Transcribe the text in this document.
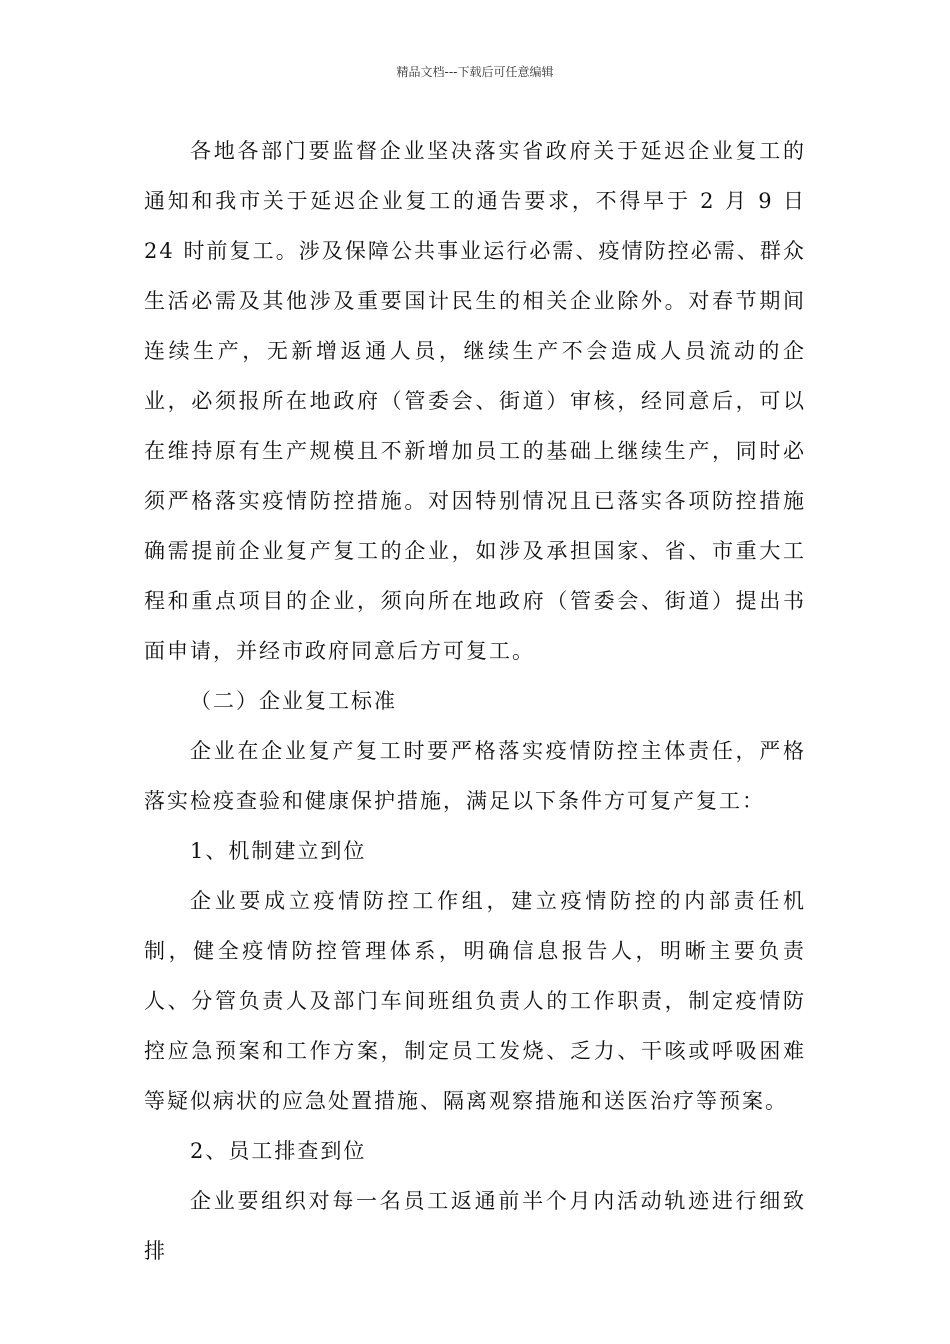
精品文档---下载后可任意编辑

各地各部门要监督企业坚决落实省政府关于延迟企业复工的通知和我市关于延迟企业复工的通告要求，不得早于 2 月 9 日 24 时前复工。涉及保障公共事业运行必需、疫情防控必需、群众生活必需及其他涉及重要国计民生的相关企业除外。对春节期间连续生产，无新增返通人员，继续生产不会造成人员流动的企业，必须报所在地政府（管委会、街道）审核，经同意后，可以在维持原有生产规模且不新增加员工的基础上继续生产，同时必须严格落实疫情防控措施。对因特别情况且已落实各项防控措施确需提前企业复产复工的企业，如涉及承担国家、省、市重大工程和重点项目的企业，须向所在地政府（管委会、街道）提出书面申请，并经市政府同意后方可复工。

（二）企业复工标准

企业在企业复产复工时要严格落实疫情防控主体责任，严格落实检疫查验和健康保护措施，满足以下条件方可复产复工：

1、机制建立到位

企业要成立疫情防控工作组，建立疫情防控的内部责任机制，健全疫情防控管理体系，明确信息报告人，明晰主要负责人、分管负责人及部门车间班组负责人的工作职责，制定疫情防控应急预案和工作方案，制定员工发烧、乏力、干咳或呼吸困难等疑似病状的应急处置措施、隔离观察措施和送医治疗等预案。

2、员工排查到位

企业要组织对每一名员工返通前半个月内活动轨迹进行细致排
